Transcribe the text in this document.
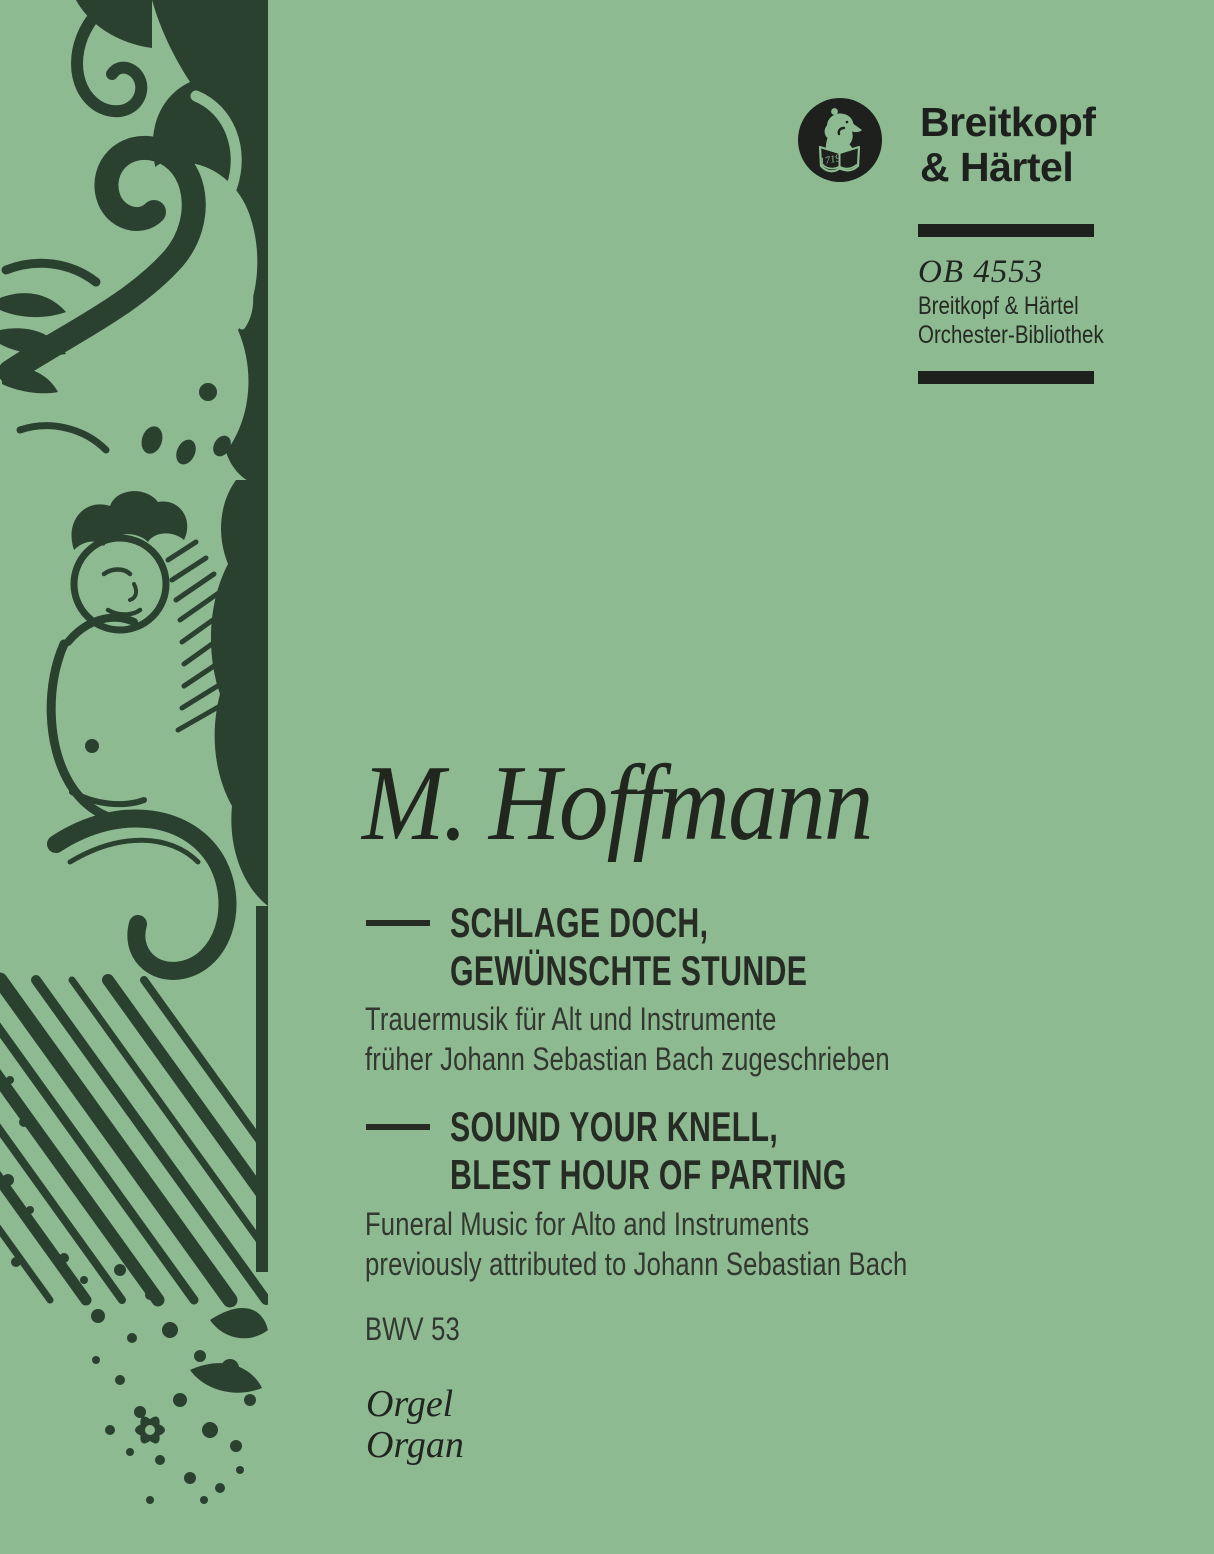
1719
Breitkopf
& Härtel
OB 4553
Breitkopf & Härtel
Orchester-Bibliothek
M. Hoffmann
SCHLAGE DOCH,
GEWÜNSCHTE STUNDE
Trauermusik für Alt und Instrumente
früher Johann Sebastian Bach zugeschrieben
SOUND YOUR KNELL,
BLEST HOUR OF PARTING
Funeral Music for Alto and Instruments
previously attributed to Johann Sebastian Bach
BWV 53
Orgel
Organ
